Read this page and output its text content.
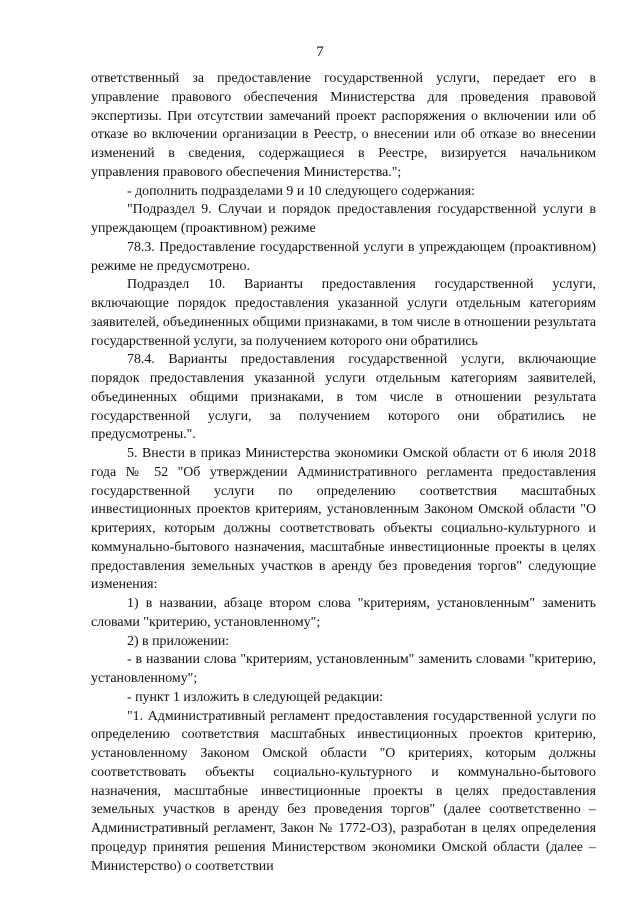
7

ответственный за предоставление государственной услуги, передает его в управление правового обеспечения Министерства для проведения правовой экспертизы. При отсутствии замечаний проект распоряжения о включении или об отказе во включении организации в Реестр, о внесении или об отказе во внесении изменений в сведения, содержащиеся в Реестре, визируется начальником управления правового обеспечения Министерства.";

- дополнить подразделами 9 и 10 следующего содержания:

"Подраздел 9. Случаи и порядок предоставления государственной услуги в упреждающем (проактивном) режиме

78.3. Предоставление государственной услуги в упреждающем (проактивном) режиме не предусмотрено.

Подраздел 10. Варианты предоставления государственной услуги, включающие порядок предоставления указанной услуги отдельным категориям заявителей, объединенных общими признаками, в том числе в отношении результата государственной услуги, за получением которого они обратились

78.4. Варианты предоставления государственной услуги, включающие порядок предоставления указанной услуги отдельным категориям заявителей, объединенных общими признаками, в том числе в отношении результата государственной услуги, за получением которого они обратились не предусмотрены.".

5. Внести в приказ Министерства экономики Омской области от 6 июля 2018 года № 52 "Об утверждении Административного регламента предоставления государственной услуги по определению соответствия масштабных инвестиционных проектов критериям, установленным Законом Омской области "О критериях, которым должны соответствовать объекты социально-культурного и коммунально-бытового назначения, масштабные инвестиционные проекты в целях предоставления земельных участков в аренду без проведения торгов" следующие изменения:

1) в названии, абзаце втором слова "критериям, установленным" заменить словами "критерию, установленному";

2) в приложении:

- в названии слова "критериям, установленным" заменить словами "критерию, установленному";

- пункт 1 изложить в следующей редакции:

"1. Административный регламент предоставления государственной услуги по определению соответствия масштабных инвестиционных проектов критерию, установленному Законом Омской области "О критериях, которым должны соответствовать объекты социально-культурного и коммунально-бытового назначения, масштабные инвестиционные проекты в целях предоставления земельных участков в аренду без проведения торгов" (далее соответственно – Административный регламент, Закон № 1772-ОЗ), разработан в целях определения процедур принятия решения Министерством экономики Омской области (далее – Министерство) о соответствии
